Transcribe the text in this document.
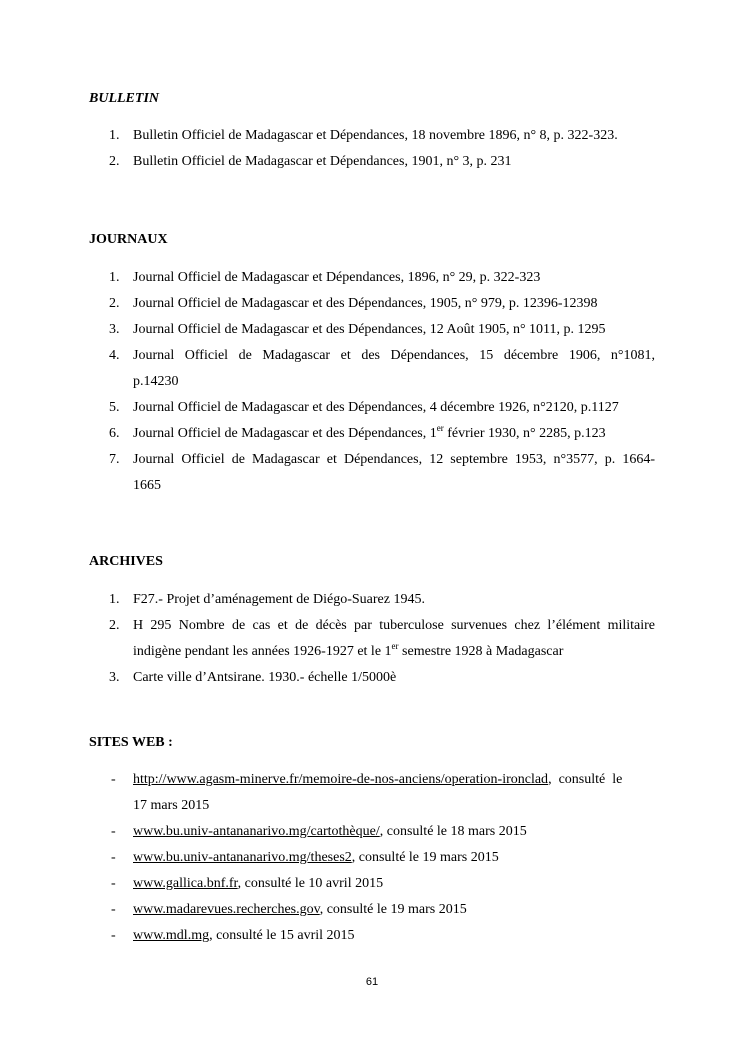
BULLETIN
1. Bulletin Officiel de Madagascar et Dépendances, 18 novembre 1896, n° 8, p. 322-323.
2. Bulletin Officiel de Madagascar et Dépendances, 1901, n° 3, p. 231
JOURNAUX
1. Journal Officiel de Madagascar et Dépendances, 1896, n° 29, p. 322-323
2. Journal Officiel de Madagascar et des Dépendances, 1905, n° 979, p. 12396-12398
3. Journal Officiel de Madagascar et des Dépendances, 12 Août 1905, n° 1011, p. 1295
4. Journal Officiel de Madagascar et des Dépendances, 15 décembre 1906, n°1081,
p.14230
5. Journal Officiel de Madagascar et des Dépendances, 4 décembre 1926, n°2120, p.1127
6. Journal Officiel de Madagascar et des Dépendances, 1er février 1930, n° 2285, p.123
7. Journal Officiel de Madagascar et Dépendances, 12 septembre 1953, n°3577, p. 1664-
1665
ARCHIVES
1. F27.- Projet d’aménagement de Diégo-Suarez 1945.
2. H 295 Nombre de cas et de décès par tuberculose survenues chez l’élément militaire
indigène pendant les années 1926-1927 et le 1er semestre 1928 à Madagascar
3. Carte ville d’Antsirane. 1930.- échelle 1/5000è
SITES WEB :
- http://www.agasm-minerve.fr/memoire-de-nos-anciens/operation-ironclad,  consulté  le
17 mars 2015
- www.bu.univ-antananarivo.mg/cartothèque/, consulté le 18 mars 2015
- www.bu.univ-antananarivo.mg/theses2, consulté le 19 mars 2015
- www.gallica.bnf.fr, consulté le 10 avril 2015
- www.madarevues.recherches.gov, consulté le 19 mars 2015
- www.mdl.mg, consulté le 15 avril 2015
61
